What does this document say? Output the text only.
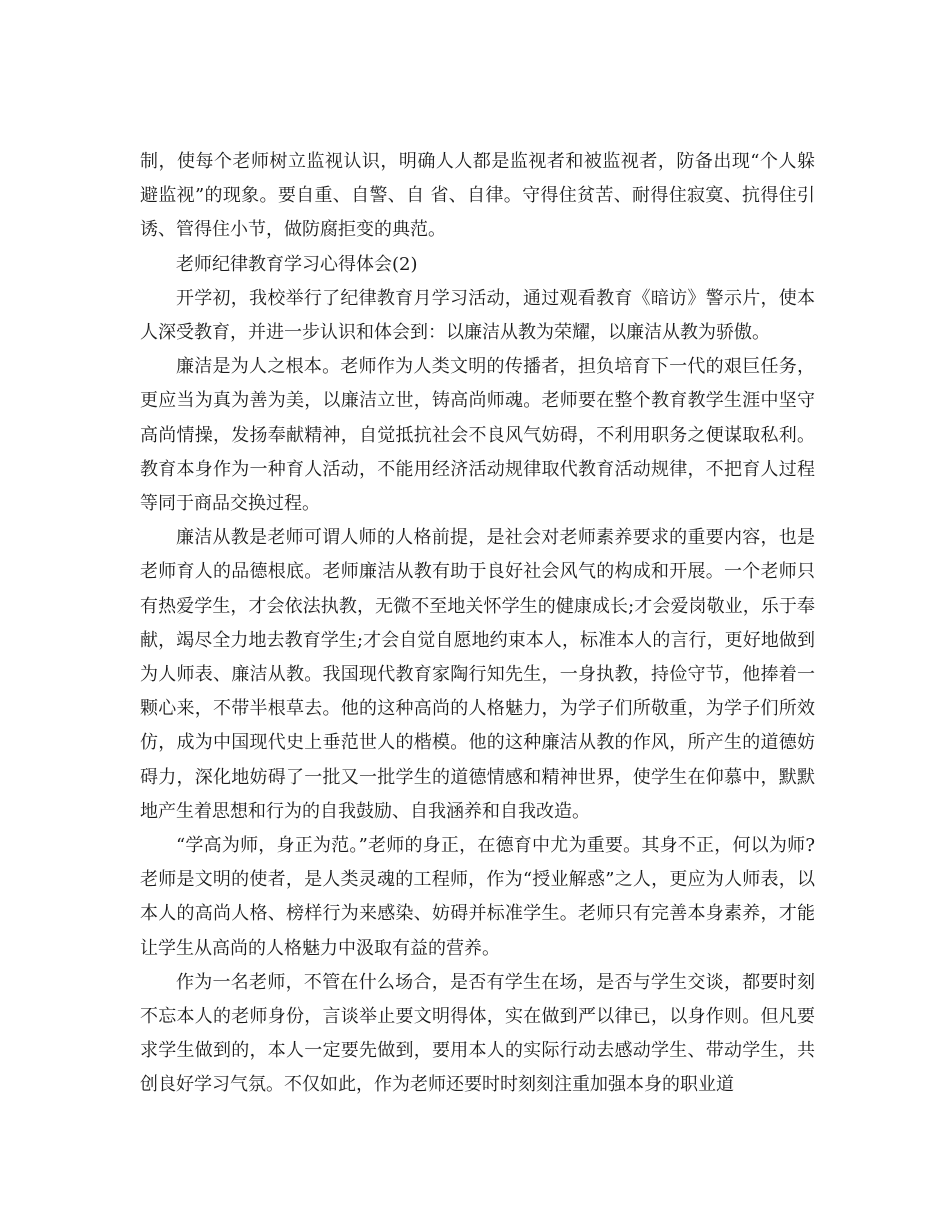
制，使每个老师树立监视认识，明确人人都是监视者和被监视者，防备出现“个人躲避监视”的现象。要自重、自警、自 省、自律。守得住贫苦、耐得住寂寞、抗得住引诱、管得住小节，做防腐拒变的典范。

老师纪律教育学习心得体会(2)

开学初，我校举行了纪律教育月学习活动，通过观看教育《暗访》警示片，使本人深受教育，并进一步认识和体会到：以廉洁从教为荣耀，以廉洁从教为骄傲。

廉洁是为人之根本。老师作为人类文明的传播者，担负培育下一代的艰巨任务，更应当为真为善为美，以廉洁立世，铸高尚师魂。老师要在整个教育教学生涯中坚守高尚情操，发扬奉献精神，自觉抵抗社会不良风气妨碍，不利用职务之便谋取私利。教育本身作为一种育人活动，不能用经济活动规律取代教育活动规律，不把育人过程等同于商品交换过程。

廉洁从教是老师可谓人师的人格前提，是社会对老师素养要求的重要内容，也是老师育人的品德根底。老师廉洁从教有助于良好社会风气的构成和开展。一个老师只有热爱学生，才会依法执教，无微不至地关怀学生的健康成长;才会爱岗敬业，乐于奉献，竭尽全力地去教育学生;才会自觉自愿地约束本人，标准本人的言行，更好地做到为人师表、廉洁从教。我国现代教育家陶行知先生，一身执教，持俭守节，他捧着一颗心来，不带半根草去。他的这种高尚的人格魅力，为学子们所敬重，为学子们所效仿，成为中国现代史上垂范世人的楷模。他的这种廉洁从教的作风，所产生的道德妨碍力，深化地妨碍了一批又一批学生的道德情感和精神世界，使学生在仰慕中，默默地产生着思想和行为的自我鼓励、自我涵养和自我改造。

“学高为师，身正为范。”老师的身正，在德育中尤为重要。其身不正，何以为师?老师是文明的使者，是人类灵魂的工程师，作为“授业解惑”之人，更应为人师表，以本人的高尚人格、榜样行为来感染、妨碍并标准学生。老师只有完善本身素养，才能让学生从高尚的人格魅力中汲取有益的营养。

作为一名老师，不管在什么场合，是否有学生在场，是否与学生交谈，都要时刻不忘本人的老师身份，言谈举止要文明得体，实在做到严以律已，以身作则。但凡要求学生做到的，本人一定要先做到，要用本人的实际行动去感动学生、带动学生，共创良好学习气氛。不仅如此，作为老师还要时时刻刻注重加强本身的职业道
